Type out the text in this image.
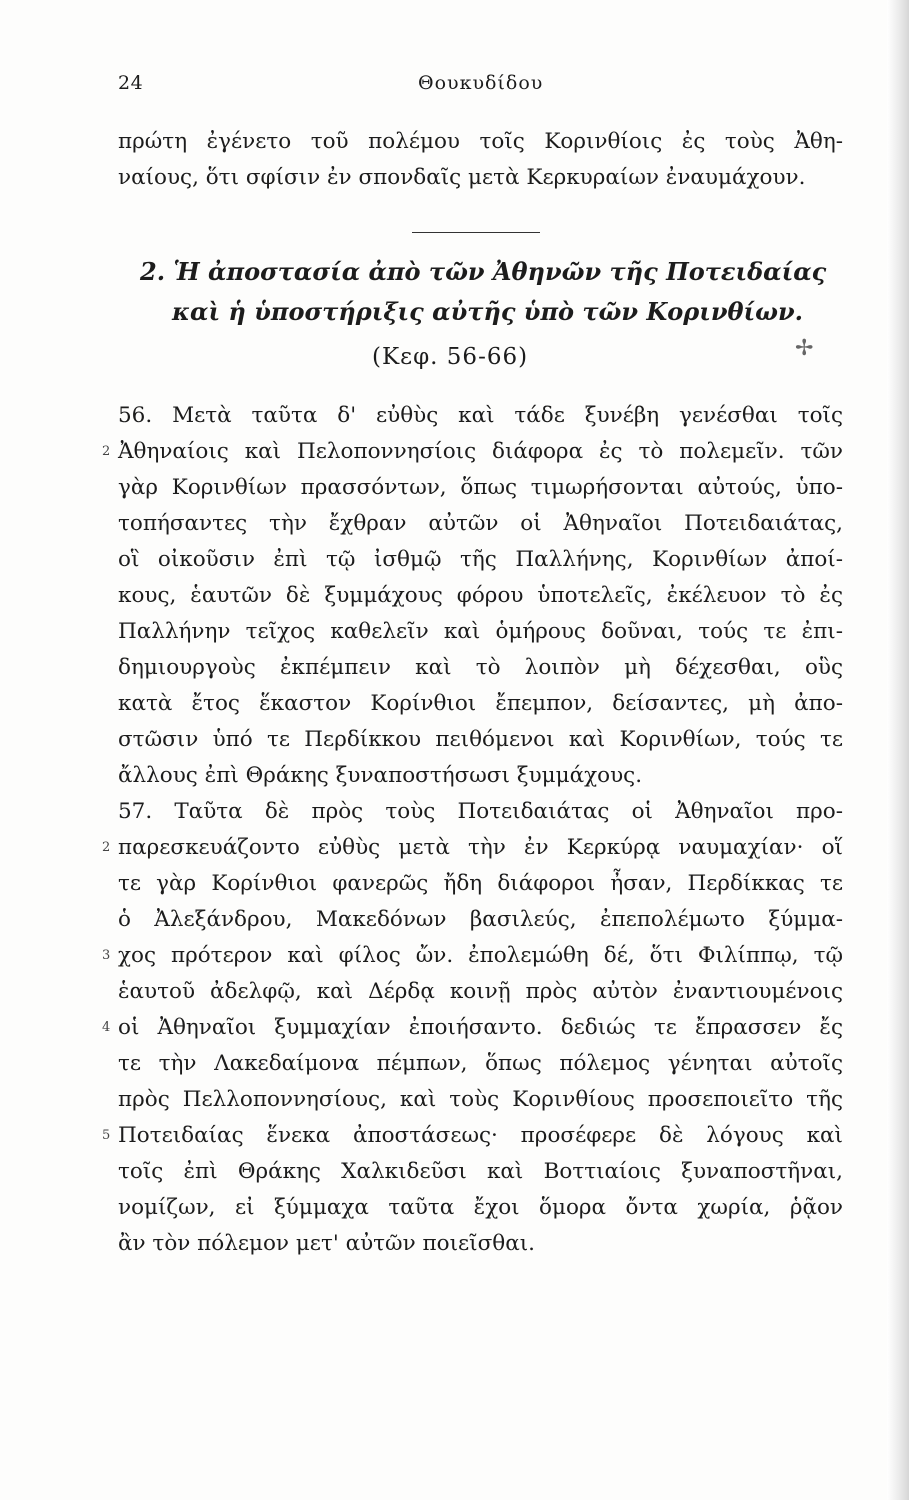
24	Θουκυδίδου
πρώτη ἐγένετο τοῦ πολέμου τοῖς Κορινθίοις ἐς τοὺς Ἀθη-
ναίους, ὅτι σφίσιν ἐν σπονδαῖς μετὰ Κερκυραίων ἐναυμάχουν.
2. Ἡ ἀποστασία ἀπὸ τῶν Ἀθηνῶν τῆς Ποτειδαίας
καὶ ἡ ὑποστήριξις αὐτῆς ὑπὸ τῶν Κορινθίων.
(Κεφ. 56-66)	✢
56. Μετὰ ταῦτα δ' εὐθὺς καὶ τάδε ξυνέβη γενέσθαι τοῖς
Ἀθηναίοις καὶ Πελοποννησίοις διάφορα ἐς τὸ πολεμεῖν. τῶν
2
γὰρ Κορινθίων πρασσόντων, ὅπως τιμωρήσονται αὐτούς, ὑπο-
τοπήσαντες τὴν ἔχθραν αὐτῶν οἱ Ἀθηναῖοι Ποτειδαιάτας,
οἳ οἰκοῦσιν ἐπὶ τῷ ἰσθμῷ τῆς Παλλήνης, Κορινθίων ἀποί-
κους, ἑαυτῶν δὲ ξυμμάχους φόρου ὑποτελεῖς, ἐκέλευον τὸ ἐς
Παλλήνην τεῖχος καθελεῖν καὶ ὁμήρους δοῦναι, τούς τε ἐπι-
δημιουργοὺς ἐκπέμπειν καὶ τὸ λοιπὸν μὴ δέχεσθαι, οὓς
κατὰ ἔτος ἕκαστον Κορίνθιοι ἔπεμπον, δείσαντες, μὴ ἀπο-
στῶσιν ὑπό τε Περδίκκου πειθόμενοι καὶ Κορινθίων, τούς τε
ἄλλους ἐπὶ Θράκης ξυναποστήσωσι ξυμμάχους.
57. Ταῦτα δὲ πρὸς τοὺς Ποτειδαιάτας οἱ Ἀθηναῖοι προ-
παρεσκευάζοντο εὐθὺς μετὰ τὴν ἐν Κερκύρᾳ ναυμαχίαν· οἵ
2
τε γὰρ Κορίνθιοι φανερῶς ἤδη διάφοροι ἦσαν, Περδίκκας τε
ὁ Ἀλεξάνδρου, Μακεδόνων βασιλεύς, ἐπεπολέμωτο ξύμμα-
χος πρότερον καὶ φίλος ὤν. ἐπολεμώθη δέ, ὅτι Φιλίππῳ, τῷ
3
ἑαυτοῦ ἀδελφῷ, καὶ Δέρδᾳ κοινῇ πρὸς αὐτὸν ἐναντιουμένοις
οἱ Ἀθηναῖοι ξυμμαχίαν ἐποιήσαντο. δεδιώς τε ἔπρασσεν ἔς
4
τε τὴν Λακεδαίμονα πέμπων, ὅπως πόλεμος γένηται αὐτοῖς
πρὸς Πελλοποννησίους, καὶ τοὺς Κορινθίους προσεποιεῖτο τῆς
Ποτειδαίας ἕνεκα ἀποστάσεως· προσέφερε δὲ λόγους καὶ
5
τοῖς ἐπὶ Θράκης Χαλκιδεῦσι καὶ Βοττιαίοις ξυναποστῆναι,
νομίζων, εἰ ξύμμαχα ταῦτα ἔχοι ὅμορα ὄντα χωρία, ῥᾷον
ἂν τὸν πόλεμον μετ' αὐτῶν ποιεῖσθαι.
